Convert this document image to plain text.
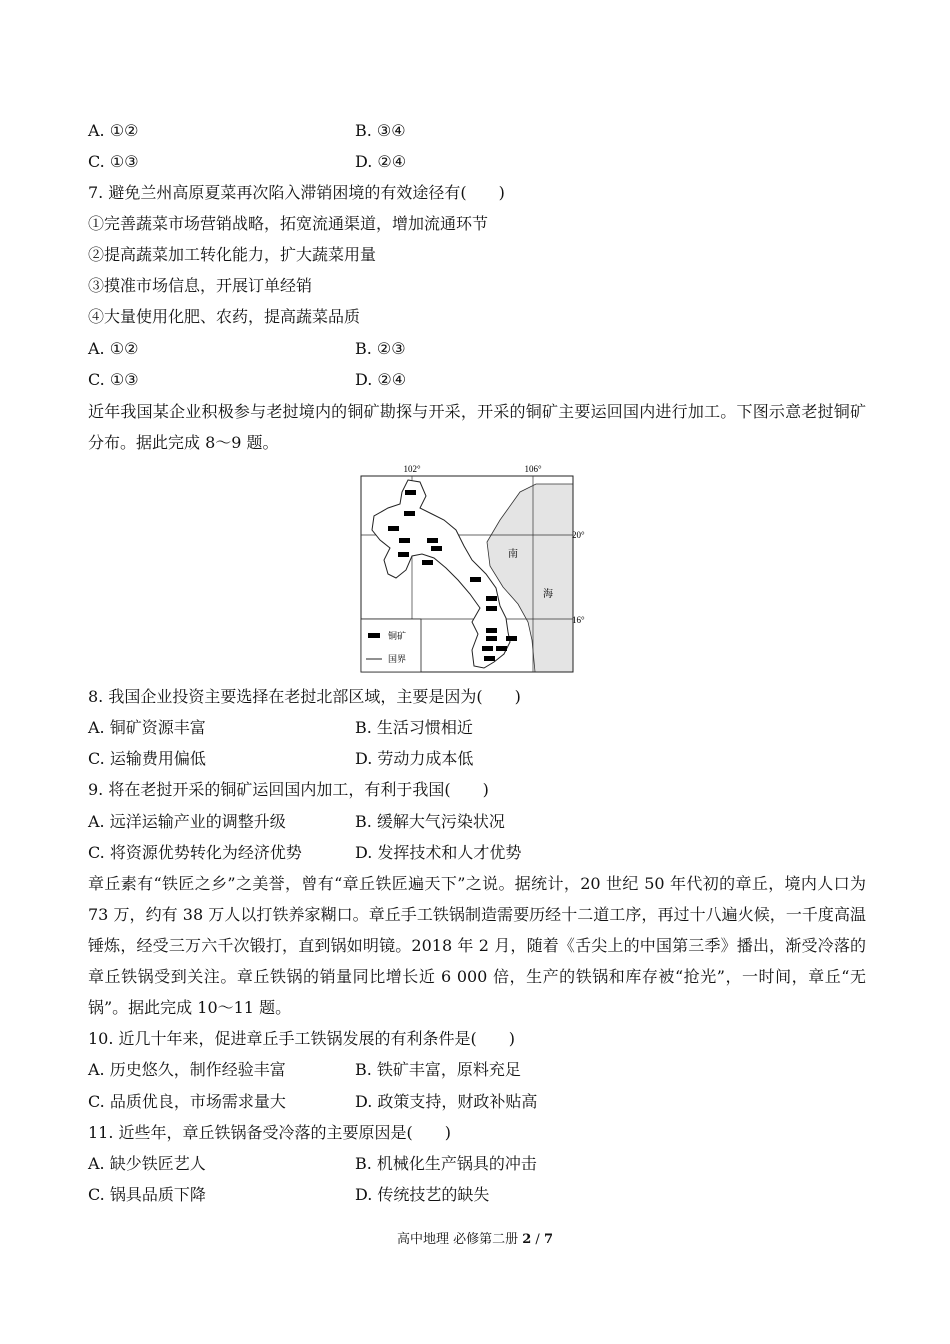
A. ①②	B. ③④
C. ①③	D. ②④
7. 避免兰州高原夏菜再次陷入滞销困境的有效途径有(　　)
①完善蔬菜市场营销战略，拓宽流通渠道，增加流通环节
②提高蔬菜加工转化能力，扩大蔬菜用量
③摸准市场信息，开展订单经销
④大量使用化肥、农药，提高蔬菜品质
A. ①②	B. ②③
C. ①③	D. ②④
近年我国某企业积极参与老挝境内的铜矿勘探与开采，开采的铜矿主要运回国内进行加工。下图示意老挝铜矿分布。据此完成 8～9 题。
102°	106°
20°
16°
南
海
铜矿
国界
8. 我国企业投资主要选择在老挝北部区域，主要是因为(　　)
A. 铜矿资源丰富	B. 生活习惯相近
C. 运输费用偏低	D. 劳动力成本低
9. 将在老挝开采的铜矿运回国内加工，有利于我国(　　)
A. 远洋运输产业的调整升级	B. 缓解大气污染状况
C. 将资源优势转化为经济优势	D. 发挥技术和人才优势
章丘素有“铁匠之乡”之美誉，曾有“章丘铁匠遍天下”之说。据统计，20 世纪 50 年代初的章丘，境内人口为 73 万，约有 38 万人以打铁养家糊口。章丘手工铁锅制造需要历经十二道工序，再过十八遍火候，一千度高温锤炼，经受三万六千次锻打，直到锅如明镜。2018 年 2 月，随着《舌尖上的中国第三季》播出，渐受冷落的章丘铁锅受到关注。章丘铁锅的销量同比增长近 6 000 倍，生产的铁锅和库存被“抢光”，一时间，章丘“无锅”。据此完成 10～11 题。
10. 近几十年来，促进章丘手工铁锅发展的有利条件是(　　)
A. 历史悠久，制作经验丰富	B. 铁矿丰富，原料充足
C. 品质优良，市场需求量大	D. 政策支持，财政补贴高
11. 近些年，章丘铁锅备受冷落的主要原因是(　　)
A. 缺少铁匠艺人	B. 机械化生产锅具的冲击
C. 锅具品质下降	D. 传统技艺的缺失
高中地理 必修第二册 2 / 7
